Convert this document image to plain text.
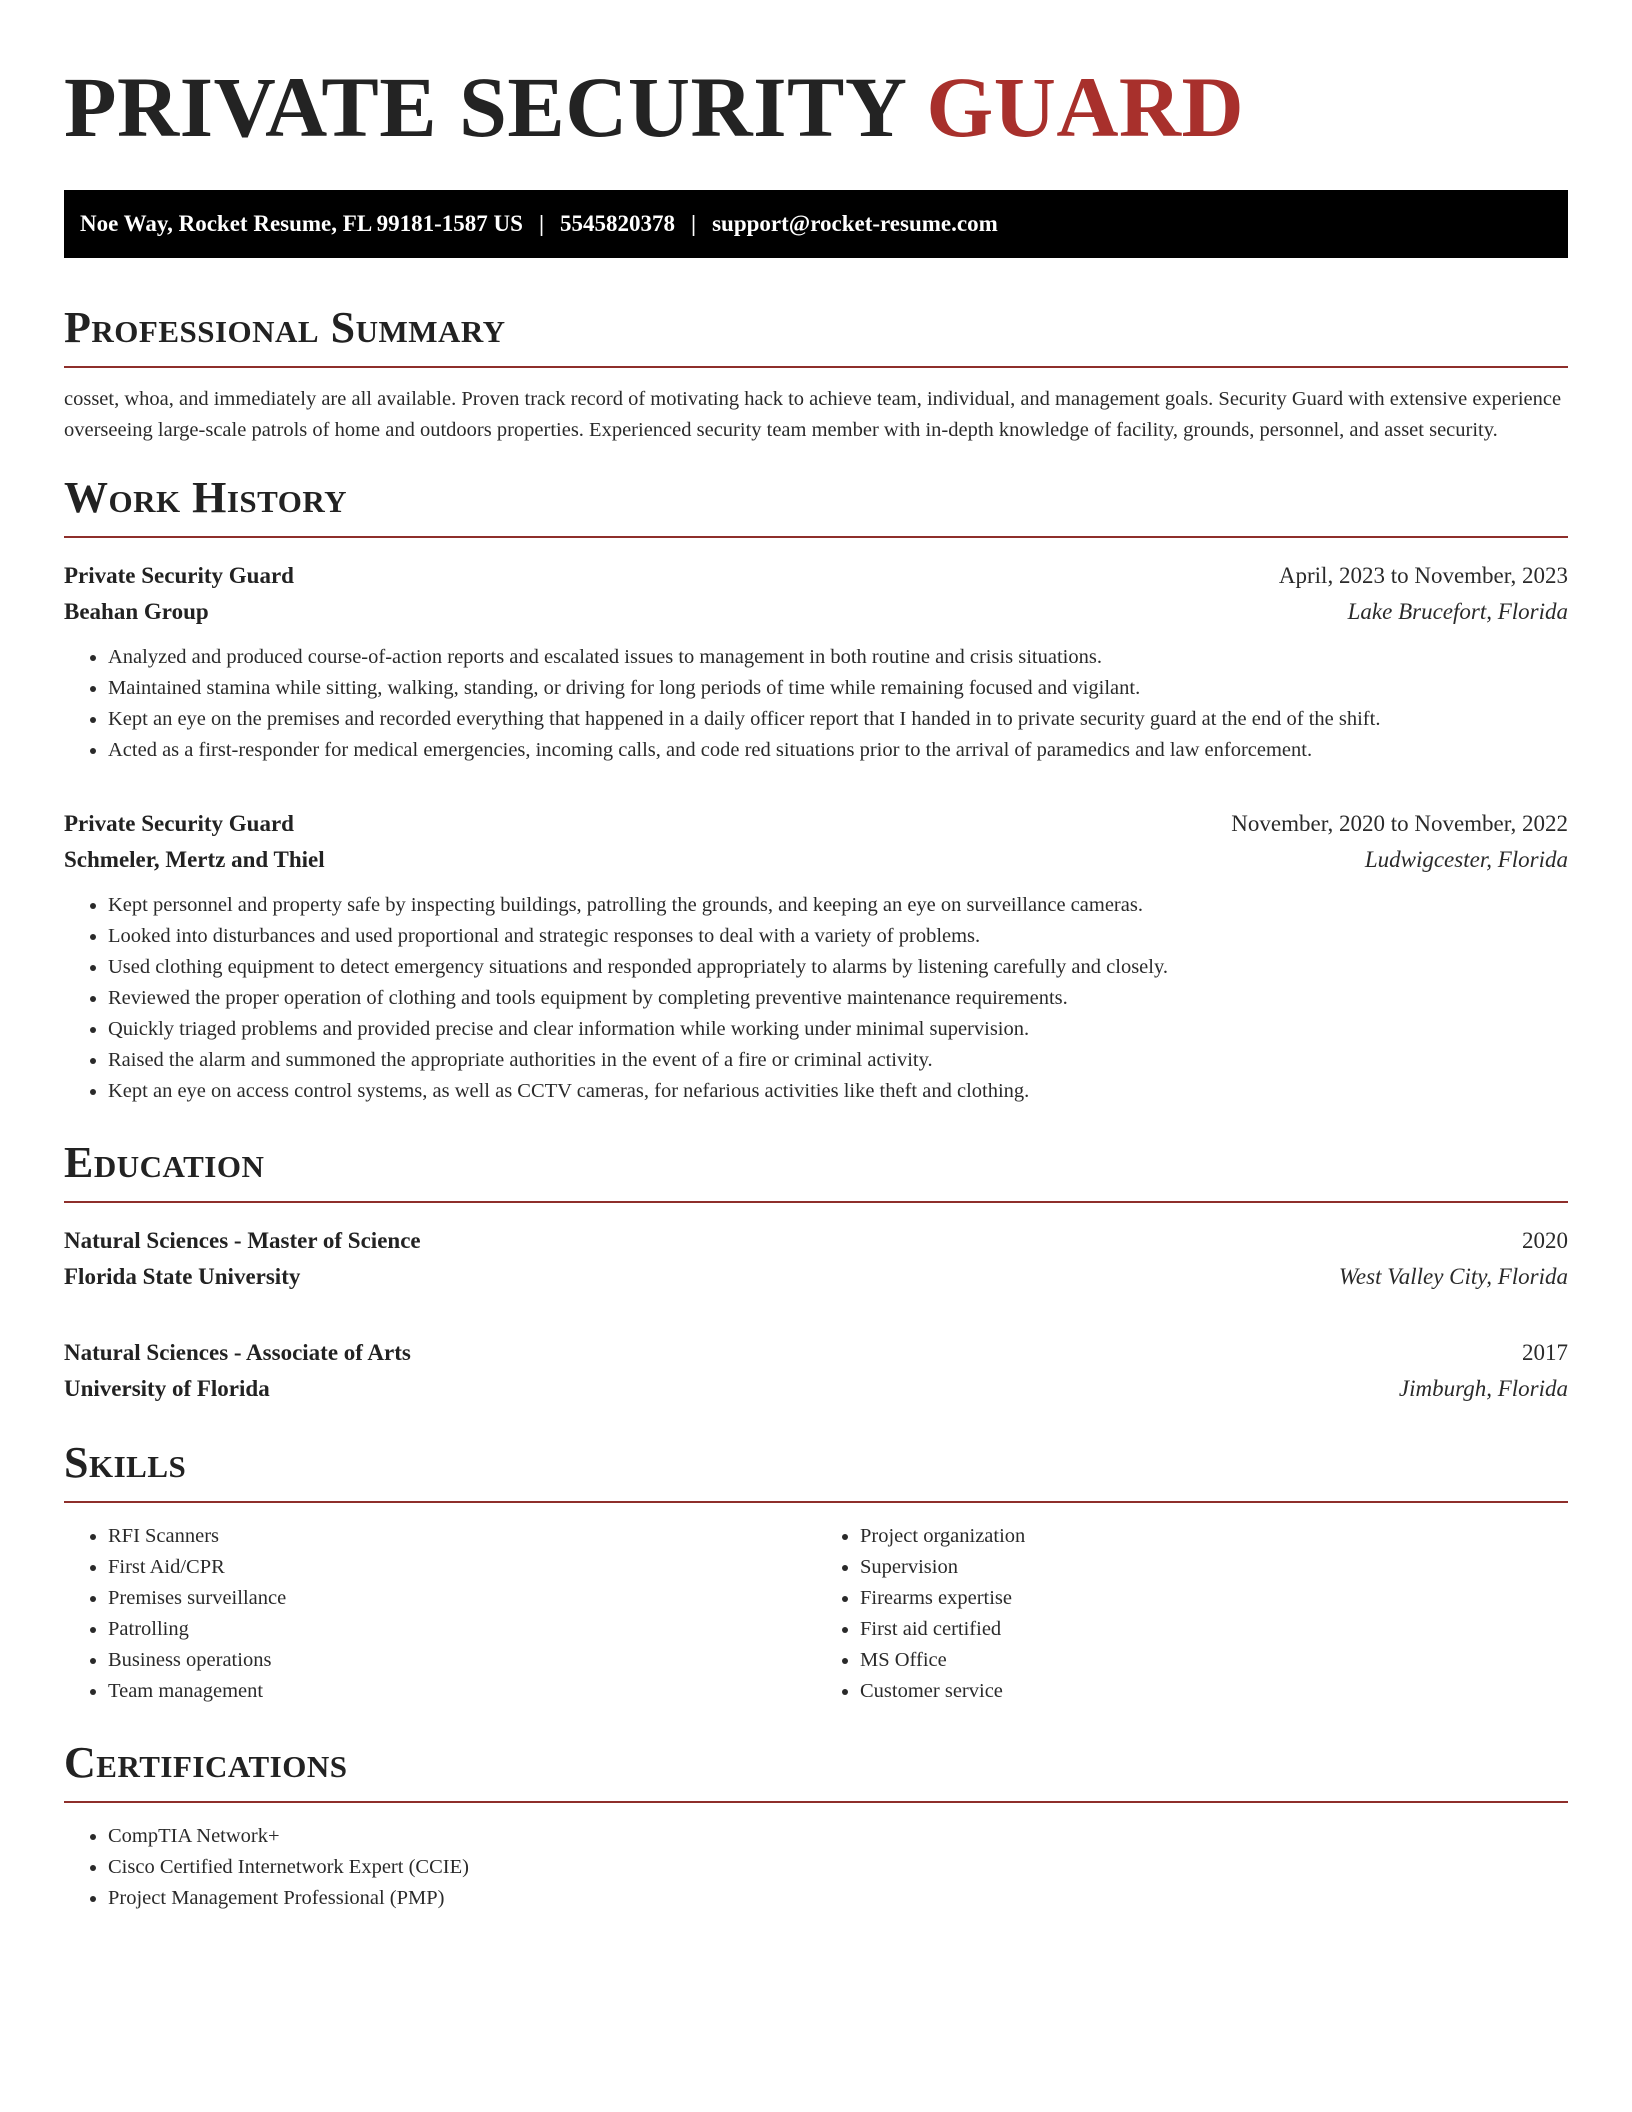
PRIVATE SECURITY GUARD
Noe Way, Rocket Resume, FL 99181-1587 US | 5545820378 | support@rocket-resume.com
Professional Summary

cosset, whoa, and immediately are all available. Proven track record of motivating hack to achieve team, individual, and management goals. Security Guard with extensive experience overseeing large-scale patrols of home and outdoors properties. Experienced security team member with in-depth knowledge of facility, grounds, personnel, and asset security.

Work History
Private Security Guard	April, 2023 to November, 2023
Beahan Group	Lake Brucefort, Florida
• Analyzed and produced course-of-action reports and escalated issues to management in both routine and crisis situations.
• Maintained stamina while sitting, walking, standing, or driving for long periods of time while remaining focused and vigilant.
• Kept an eye on the premises and recorded everything that happened in a daily officer report that I handed in to private security guard at the end of the shift.
• Acted as a first-responder for medical emergencies, incoming calls, and code red situations prior to the arrival of paramedics and law enforcement.
Private Security Guard	November, 2020 to November, 2022
Schmeler, Mertz and Thiel	Ludwigcester, Florida
• Kept personnel and property safe by inspecting buildings, patrolling the grounds, and keeping an eye on surveillance cameras.
• Looked into disturbances and used proportional and strategic responses to deal with a variety of problems.
• Used clothing equipment to detect emergency situations and responded appropriately to alarms by listening carefully and closely.
• Reviewed the proper operation of clothing and tools equipment by completing preventive maintenance requirements.
• Quickly triaged problems and provided precise and clear information while working under minimal supervision.
• Raised the alarm and summoned the appropriate authorities in the event of a fire or criminal activity.
• Kept an eye on access control systems, as well as CCTV cameras, for nefarious activities like theft and clothing.
Education
Natural Sciences - Master of Science	2020
Florida State University	West Valley City, Florida
Natural Sciences - Associate of Arts	2017
University of Florida	Jimburgh, Florida
Skills
• RFI Scanners
• First Aid/CPR
• Premises surveillance
• Patrolling
• Business operations
• Team management
• Project organization
• Supervision
• Firearms expertise
• First aid certified
• MS Office
• Customer service
Certifications
• CompTIA Network+
• Cisco Certified Internetwork Expert (CCIE)
• Project Management Professional (PMP)
